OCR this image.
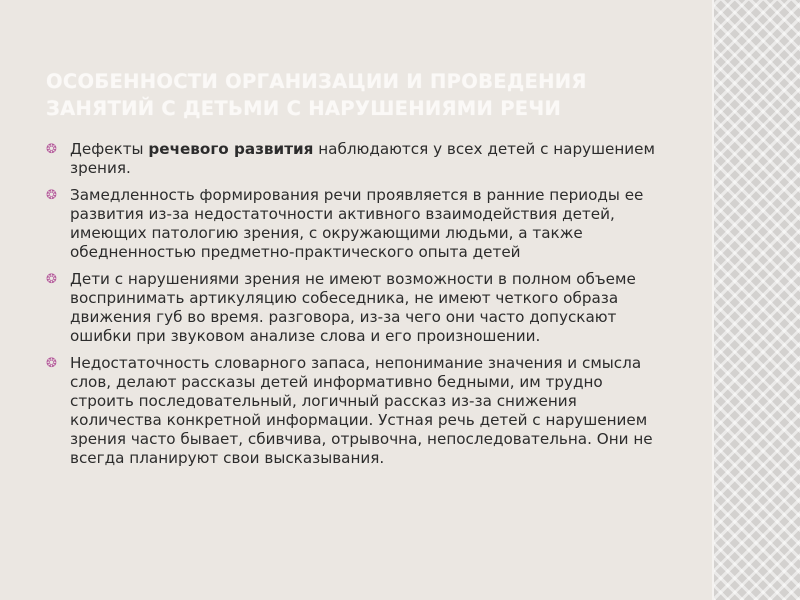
ОСОБЕННОСТИ ОРГАНИЗАЦИИ И ПРОВЕДЕНИЯ ЗАНЯТИЙ С ДЕТЬМИ С НАРУШЕНИЯМИ РЕЧИ
❂ Дефекты речевого развития наблюдаются у всех детей с нарушением зрения.
❂ Замедленность формирования речи проявляется в ранние периоды ее развития из-за недостаточности активного взаимодействия детей, имеющих патологию зрения, с окружающими людьми, а также обедненностью предметно-практического опыта детей
❂ Дети с нарушениями зрения не имеют возможности в полном объеме воспринимать артикуляцию собеседника, не имеют четкого образа движения губ во время. разговора, из-за чего они часто допускают ошибки при звуковом анализе слова и его произношении.
❂ Недостаточность словарного запаса, непонимание значения и смысла слов, делают рассказы детей информативно бедными, им трудно строить последовательный, логичный рассказ из-за снижения количества конкретной информации. Устная речь детей с нарушением зрения часто бывает, сбивчива, отрывочна, непоследовательна. Они не всегда планируют свои высказывания.
